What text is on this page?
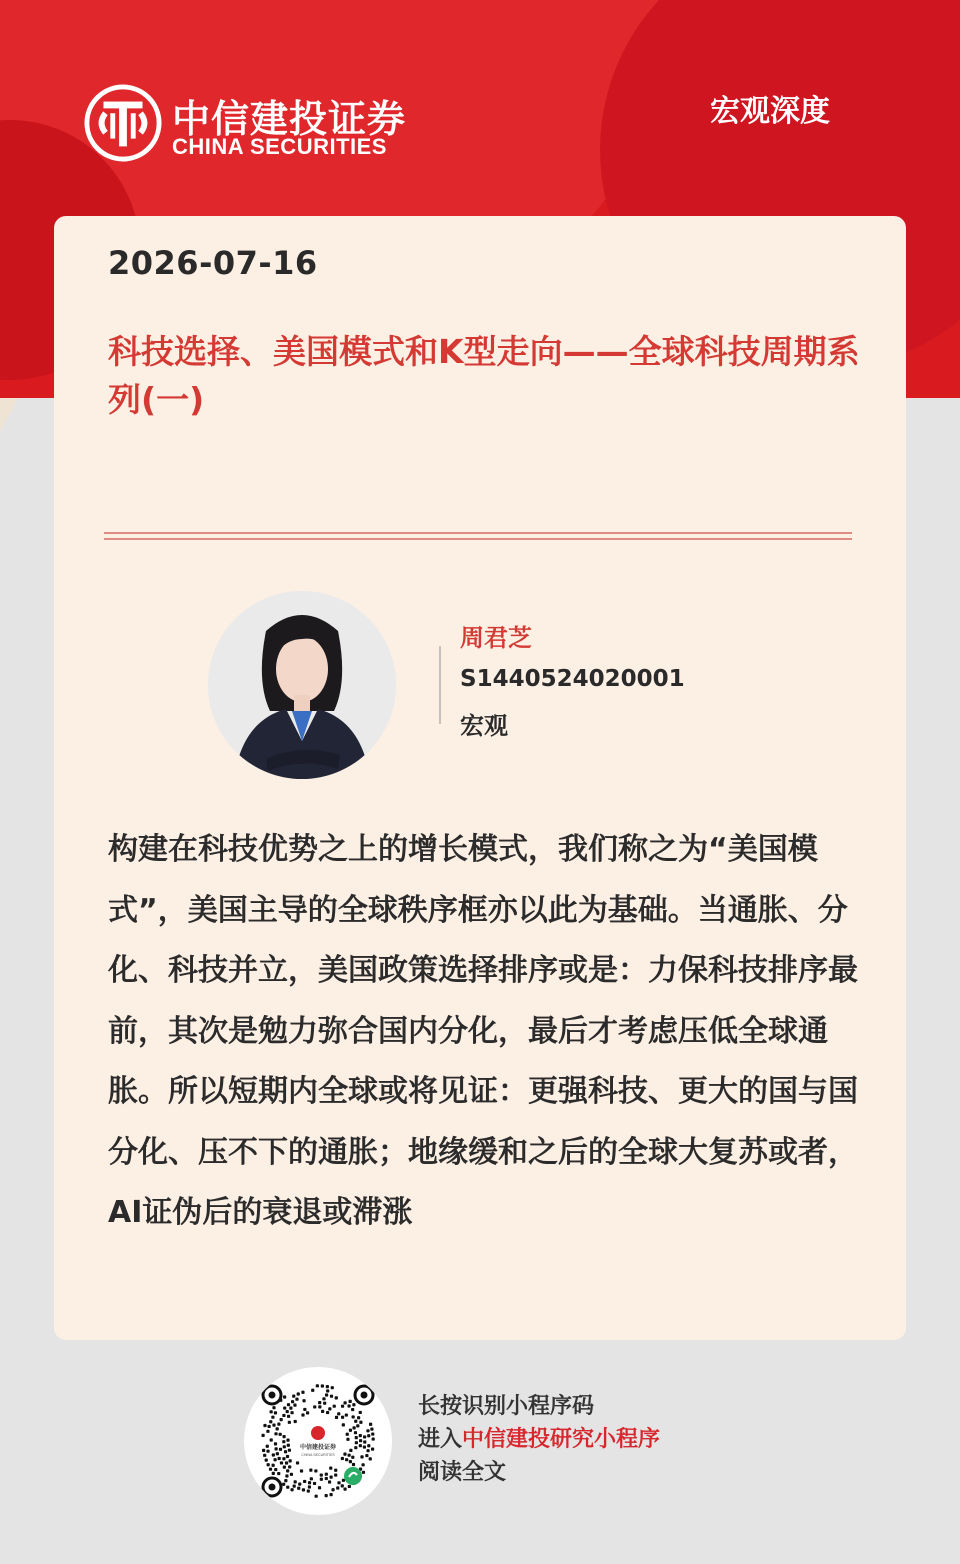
中信建投证券
CHINA SECURITIES
宏观深度
2026-07-16
科技选择、美国模式和K型走向——全球科技周期系列(一)
周君芝
S1440524020001
宏观
构建在科技优势之上的增长模式，我们称之为“美国模式”，美国主导的全球秩序框亦以此为基础。当通胀、分化、科技并立，美国政策选择排序或是：力保科技排序最前，其次是勉力弥合国内分化，最后才考虑压低全球通胀。所以短期内全球或将见证：更强科技、更大的国与国分化、压不下的通胀；地缘缓和之后的全球大复苏或者，AI证伪后的衰退或滞涨
中信建投证券
CHINA SECURITIES
长按识别小程序码
进入中信建投研究小程序
阅读全文
